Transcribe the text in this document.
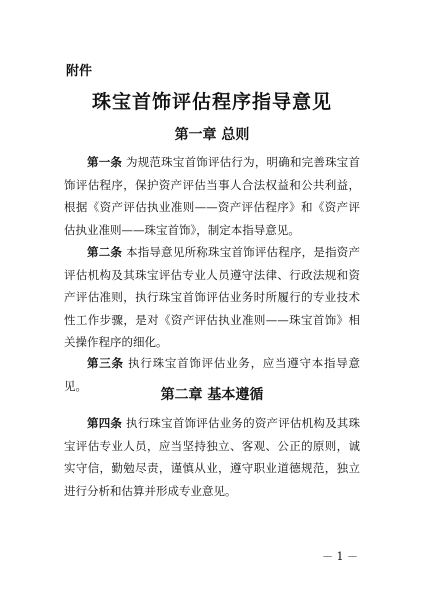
附件
珠宝首饰评估程序指导意见
第一章 总则

第一条 为规范珠宝首饰评估行为，明确和完善珠宝首饰评估程序，保护资产评估当事人合法权益和公共利益，根据《资产评估执业准则——资产评估程序》和《资产评估执业准则——珠宝首饰》，制定本指导意见。

第二条 本指导意见所称珠宝首饰评估程序，是指资产评估机构及其珠宝评估专业人员遵守法律、行政法规和资产评估准则，执行珠宝首饰评估业务时所履行的专业技术性工作步骤，是对《资产评估执业准则——珠宝首饰》相关操作程序的细化。

第三条 执行珠宝首饰评估业务，应当遵守本指导意见。

第二章 基本遵循

第四条 执行珠宝首饰评估业务的资产评估机构及其珠宝评估专业人员，应当坚持独立、客观、公正的原则，诚实守信，勤勉尽责，谨慎从业，遵守职业道德规范，独立进行分析和估算并形成专业意见。

－ 1 －
